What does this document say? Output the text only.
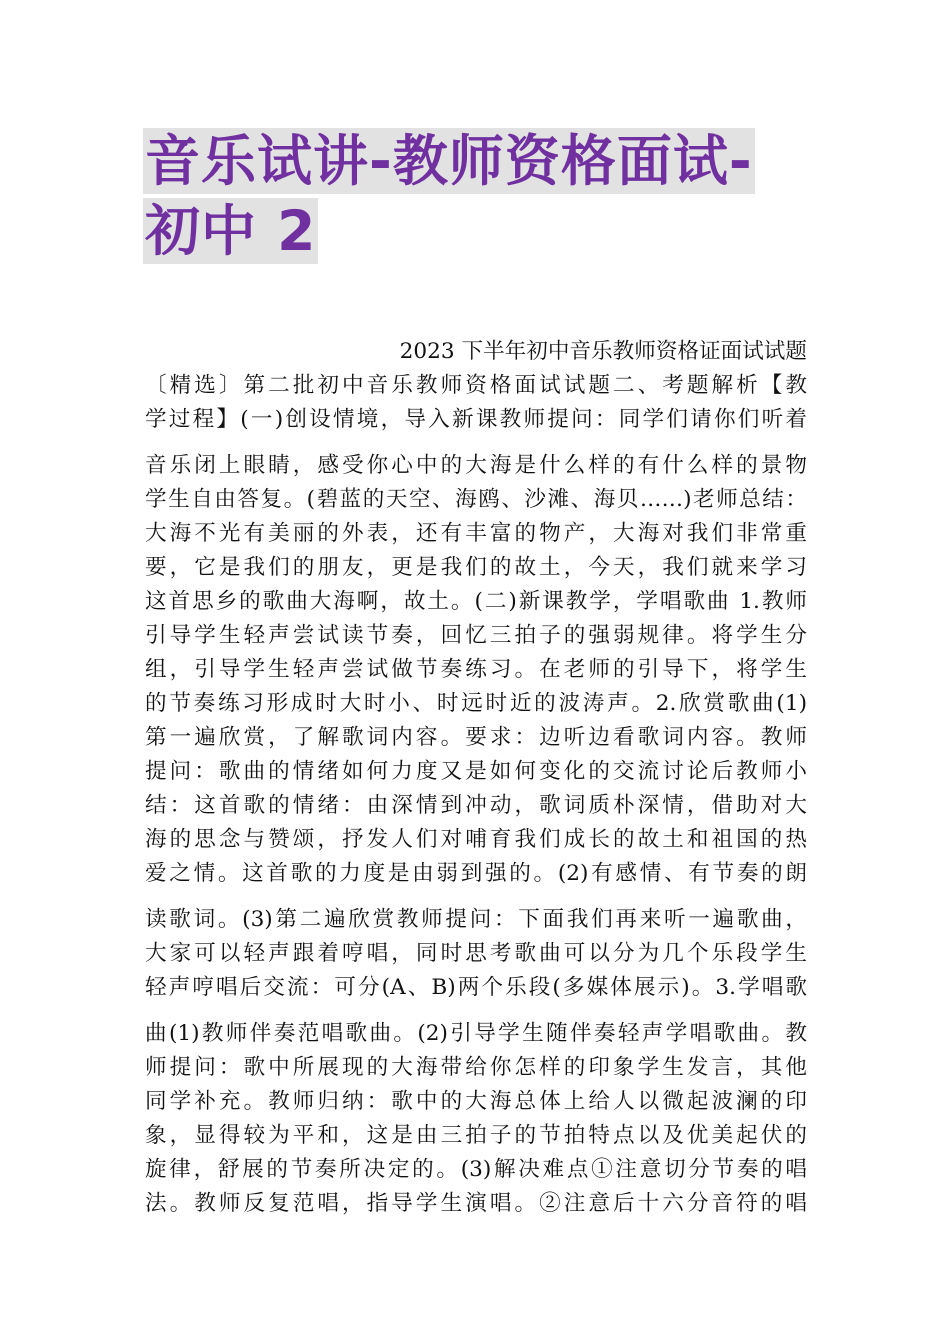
音乐试讲-教师资格面试-
初中 2
2023 下半年初中音乐教师资格证面试试题
〔精选〕第二批初中音乐教师资格面试试题二、考题解析【教
学过程】(一)创设情境，导入新课教师提问：同学们请你们听着
音乐闭上眼睛，感受你心中的大海是什么样的有什么样的景物
学生自由答复。(碧蓝的天空、海鸥、沙滩、海贝……)老师总结：
大海不光有美丽的外表，还有丰富的物产，大海对我们非常重
要，它是我们的朋友，更是我们的故土，今天，我们就来学习
这首思乡的歌曲大海啊，故土。(二)新课教学，学唱歌曲 1.教师
引导学生轻声尝试读节奏，回忆三拍子的强弱规律。将学生分
组，引导学生轻声尝试做节奏练习。在老师的引导下，将学生
的节奏练习形成时大时小、时远时近的波涛声。2.欣赏歌曲(1)
第一遍欣赏，了解歌词内容。要求：边听边看歌词内容。教师
提问：歌曲的情绪如何力度又是如何变化的交流讨论后教师小
结：这首歌的情绪：由深情到冲动，歌词质朴深情，借助对大
海的思念与赞颂，抒发人们对哺育我们成长的故土和祖国的热
爱之情。这首歌的力度是由弱到强的。(2)有感情、有节奏的朗
读歌词。(3)第二遍欣赏教师提问：下面我们再来听一遍歌曲，
大家可以轻声跟着哼唱，同时思考歌曲可以分为几个乐段学生
轻声哼唱后交流：可分(A、B)两个乐段(多媒体展示)。3.学唱歌
曲(1)教师伴奏范唱歌曲。(2)引导学生随伴奏轻声学唱歌曲。教
师提问：歌中所展现的大海带给你怎样的印象学生发言，其他
同学补充。教师归纳：歌中的大海总体上给人以微起波澜的印
象，显得较为平和，这是由三拍子的节拍特点以及优美起伏的
旋律，舒展的节奏所决定的。(3)解决难点①注意切分节奏的唱
法。教师反复范唱，指导学生演唱。②注意后十六分音符的唱
